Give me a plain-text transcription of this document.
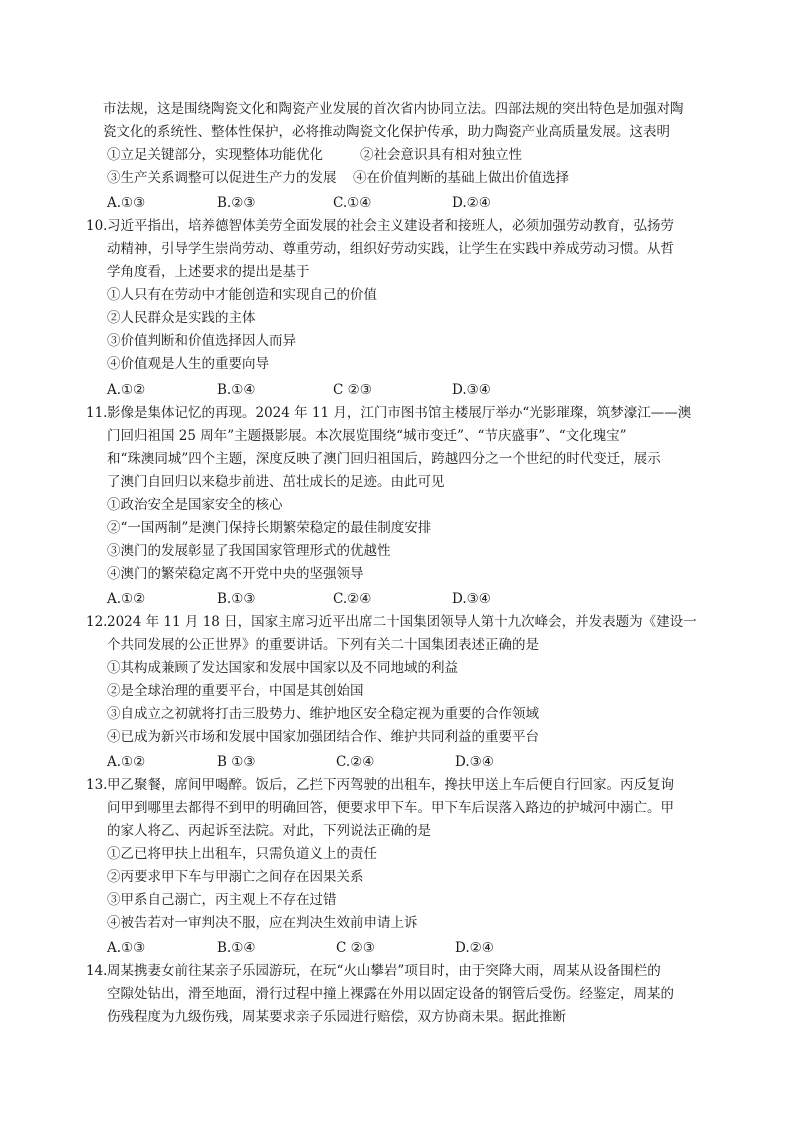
市法规，这是围绕陶瓷文化和陶瓷产业发展的首次省内协同立法。四部法规的突出特色是加强对陶
瓷文化的系统性、整体性保护，必将推动陶瓷文化保护传承，助力陶瓷产业高质量发展。这表明
①立足关键部分，实现整体功能优化	②社会意识具有相对独立性
③生产关系调整可以促进生产力的发展 ④在价值判断的基础上做出价值选择
A.①③	B.②③	C.①④	D.②④
10. 习近平指出，培养德智体美劳全面发展的社会主义建设者和接班人，必须加强劳动教育，弘扬劳
动精神，引导学生崇尚劳动、尊重劳动，组织好劳动实践，让学生在实践中养成劳动习惯。从哲
学角度看，上述要求的提出是基于
①人只有在劳动中才能创造和实现自己的价值
②人民群众是实践的主体
③价值判断和价值选择因人而异
④价值观是人生的重要向导
A.①②	B.①④	C ②③	D.③④
11. 影像是集体记忆的再现。2024 年 11 月，江门市图书馆主楼展厅举办“光影璀璨，筑梦濠江——澳
门回归祖国 25 周年”主题摄影展。本次展览围绕“城市变迁”、“节庆盛事”、“文化瑰宝”
和“珠澳同城”四个主题，深度反映了澳门回归祖国后，跨越四分之一个世纪的时代变迁，展示
了澳门自回归以来稳步前进、茁壮成长的足迹。由此可见
①政治安全是国家安全的核心
②“一国两制”是澳门保持长期繁荣稳定的最佳制度安排
③澳门的发展彰显了我国国家管理形式的优越性
④澳门的繁荣稳定离不开党中央的坚强领导
A.①②	B.①③	C.②④	D.③④
12. 2024 年 11 月 18 日，国家主席习近平出席二十国集团领导人第十九次峰会，并发表题为《建设一
个共同发展的公正世界》的重要讲话。下列有关二十国集团表述正确的是
①其构成兼顾了发达国家和发展中国家以及不同地域的利益
②是全球治理的重要平台，中国是其创始国
③自成立之初就将打击三股势力、维护地区安全稳定视为重要的合作领域
④已成为新兴市场和发展中国家加强团结合作、维护共同利益的重要平台
A.①②	B ①③	C.②④	D.③④
13. 甲乙聚餐，席间甲喝醉。饭后，乙拦下丙驾驶的出租车，搀扶甲送上车后便自行回家。丙反复询
问甲到哪里去都得不到甲的明确回答，便要求甲下车。甲下车后误落入路边的护城河中溺亡。甲
的家人将乙、丙起诉至法院。对此，下列说法正确的是
①乙已将甲扶上出租车，只需负道义上的责任
②丙要求甲下车与甲溺亡之间存在因果关系
③甲系自己溺亡，丙主观上不存在过错
④被告若对一审判决不服，应在判决生效前申请上诉
A.①③	B.①④	C ②③	D.②④
14. 周某携妻女前往某亲子乐园游玩，在玩“火山攀岩”项目时，由于突降大雨，周某从设备围栏的
空隙处钻出，滑至地面，滑行过程中撞上裸露在外用以固定设备的钢管后受伤。经鉴定，周某的
伤残程度为九级伤残，周某要求亲子乐园进行赔偿，双方协商未果。据此推断
